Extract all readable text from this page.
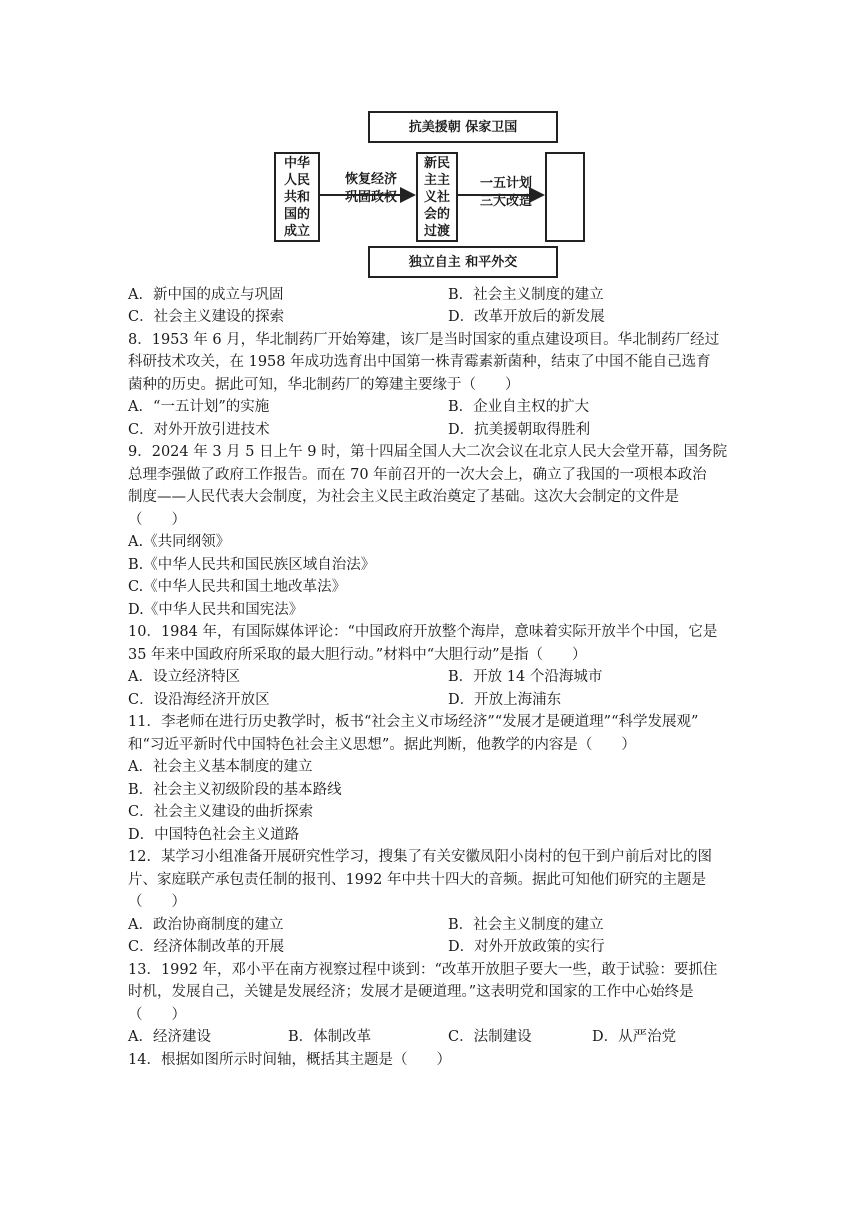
抗美援朝 保家卫国
中华人民共和国的成立
恢复经济
巩固政权
新民主主义社会的过渡
一五计划
三大改造
独立自主 和平外交
A．新中国的成立与巩固	B．社会主义制度的建立
C．社会主义建设的探索	D．改革开放后的新发展
8．1953 年 6 月，华北制药厂开始筹建，该厂是当时国家的重点建设项目。华北制药厂经过
科研技术攻关，在 1958 年成功选育出中国第一株青霉素新菌种，结束了中国不能自己选育
菌种的历史。据此可知，华北制药厂的筹建主要缘于（　　）
A．“一五计划”的实施	B．企业自主权的扩大
C．对外开放引进技术	D．抗美援朝取得胜利
9．2024 年 3 月 5 日上午 9 时，第十四届全国人大二次会议在北京人民大会堂开幕，国务院
总理李强做了政府工作报告。而在 70 年前召开的一次大会上，确立了我国的一项根本政治
制度——人民代表大会制度，为社会主义民主政治奠定了基础。这次大会制定的文件是
（　　）
A.《共同纲领》
B.《中华人民共和国民族区域自治法》
C.《中华人民共和国土地改革法》
D.《中华人民共和国宪法》
10．1984 年，有国际媒体评论：“中国政府开放整个海岸，意味着实际开放半个中国，它是
35 年来中国政府所采取的最大胆行动。”材料中“大胆行动”是指（　　）
A．设立经济特区	B．开放 14 个沿海城市
C．设沿海经济开放区	D．开放上海浦东
11．李老师在进行历史教学时，板书“社会主义市场经济”“发展才是硬道理”“科学发展观”
和“习近平新时代中国特色社会主义思想”。据此判断，他教学的内容是（　　）
A．社会主义基本制度的建立
B．社会主义初级阶段的基本路线
C．社会主义建设的曲折探索
D．中国特色社会主义道路
12．某学习小组准备开展研究性学习，搜集了有关安徽凤阳小岗村的包干到户前后对比的图
片、家庭联产承包责任制的报刊、1992 年中共十四大的音频。据此可知他们研究的主题是
（　　）
A．政治协商制度的建立	B．社会主义制度的建立
C．经济体制改革的开展	D．对外开放政策的实行
13．1992 年，邓小平在南方视察过程中谈到：“改革开放胆子要大一些，敢于试验：要抓住
时机，发展自己，关键是发展经济；发展才是硬道理。”这表明党和国家的工作中心始终是
（　　）
A．经济建设	B．体制改革	C．法制建设	D．从严治党
14．根据如图所示时间轴，概括其主题是（　　）
